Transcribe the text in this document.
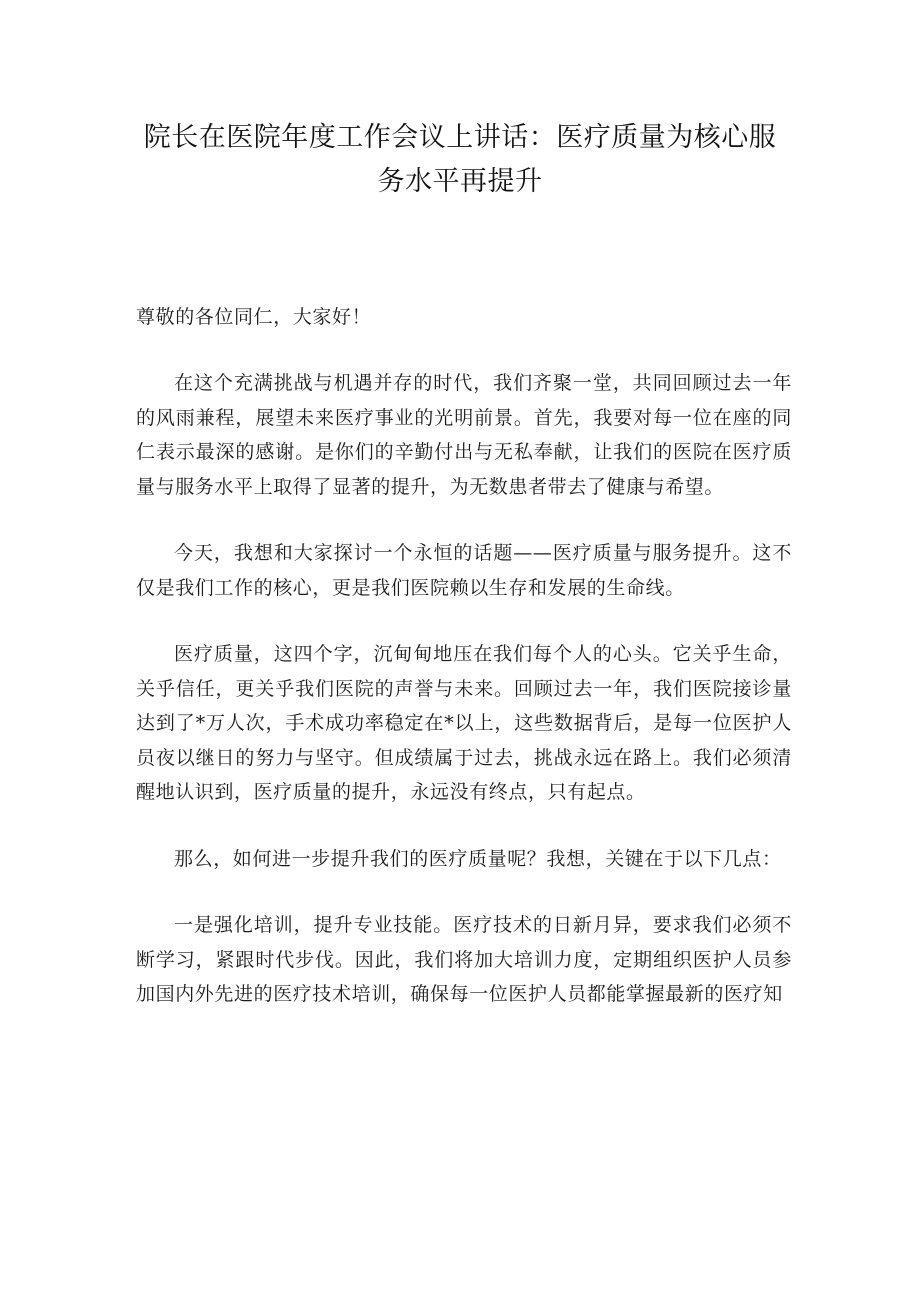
院长在医院年度工作会议上讲话：医疗质量为核心服务水平再提升

尊敬的各位同仁，大家好！

在这个充满挑战与机遇并存的时代，我们齐聚一堂，共同回顾过去一年的风雨兼程，展望未来医疗事业的光明前景。首先，我要对每一位在座的同仁表示最深的感谢。是你们的辛勤付出与无私奉献，让我们的医院在医疗质量与服务水平上取得了显著的提升，为无数患者带去了健康与希望。

今天，我想和大家探讨一个永恒的话题——医疗质量与服务提升。这不仅是我们工作的核心，更是我们医院赖以生存和发展的生命线。

医疗质量，这四个字，沉甸甸地压在我们每个人的心头。它关乎生命，关乎信任，更关乎我们医院的声誉与未来。回顾过去一年，我们医院接诊量达到了*万人次，手术成功率稳定在*以上，这些数据背后，是每一位医护人员夜以继日的努力与坚守。但成绩属于过去，挑战永远在路上。我们必须清醒地认识到，医疗质量的提升，永远没有终点，只有起点。

那么，如何进一步提升我们的医疗质量呢？我想，关键在于以下几点：

一是强化培训，提升专业技能。医疗技术的日新月异，要求我们必须不断学习，紧跟时代步伐。因此，我们将加大培训力度，定期组织医护人员参加国内外先进的医疗技术培训，确保每一位医护人员都能掌握最新的医疗知
